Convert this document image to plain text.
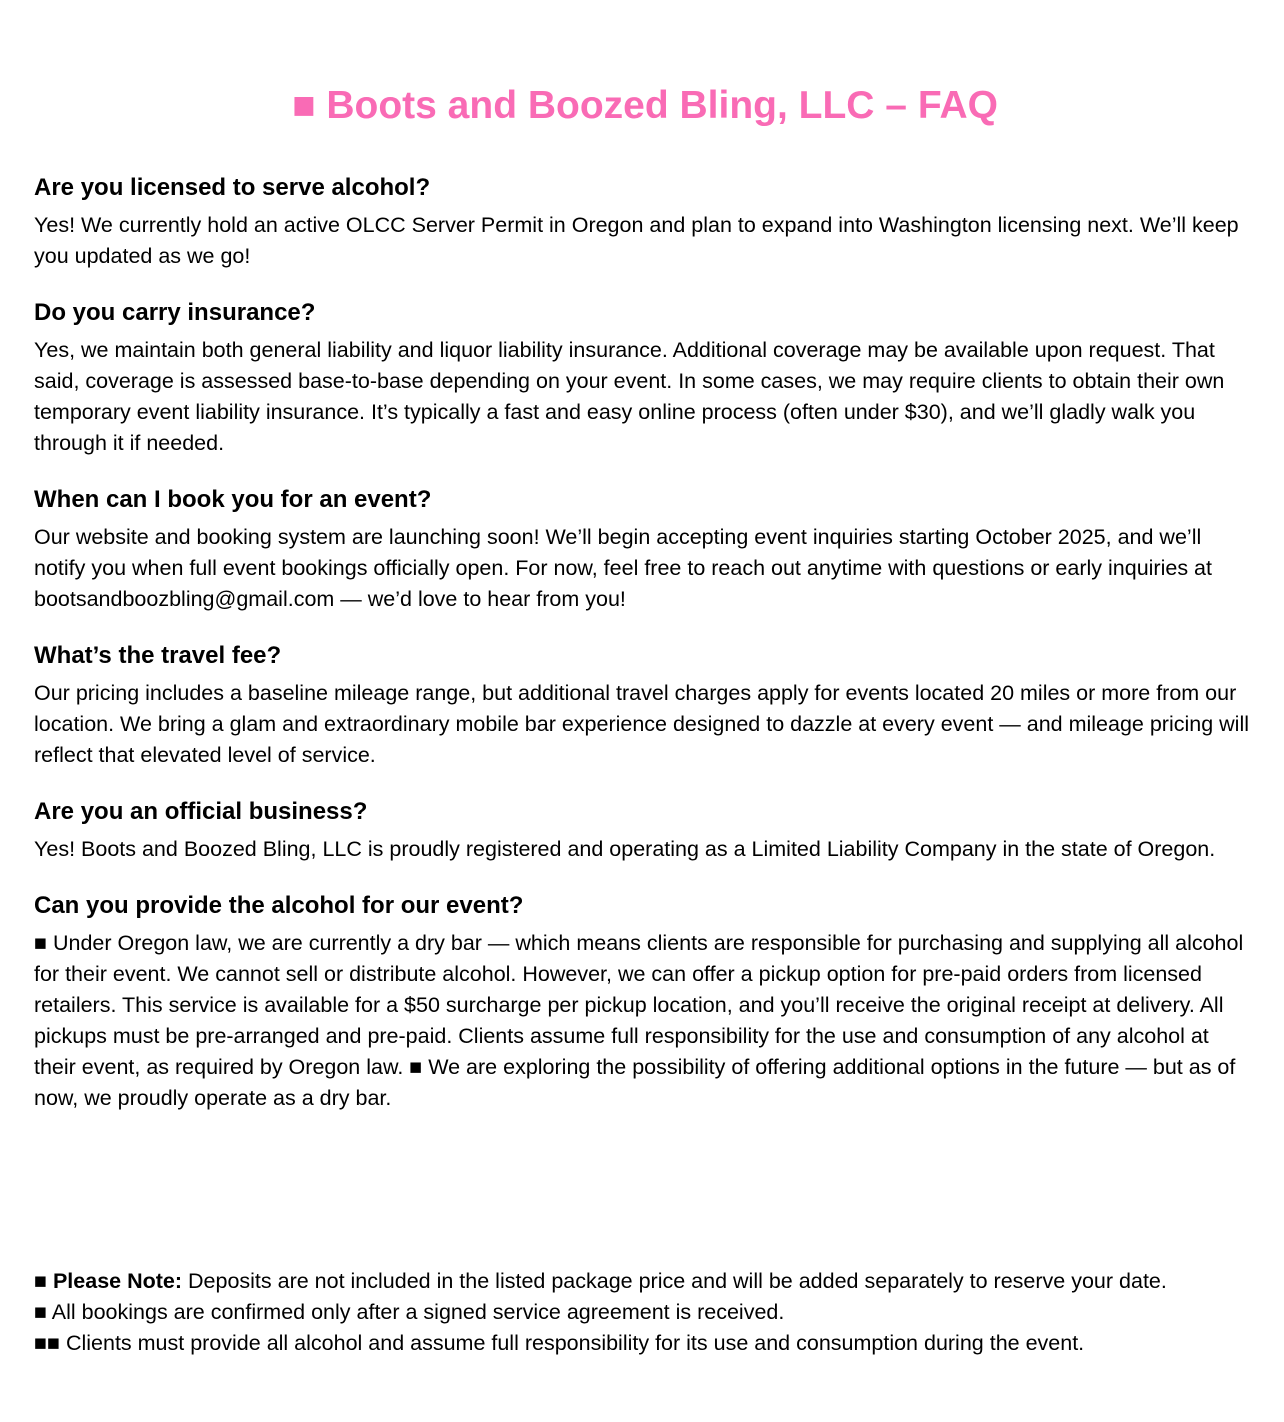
■ Boots and Boozed Bling, LLC – FAQ
Are you licensed to serve alcohol?

Yes! We currently hold an active OLCC Server Permit in Oregon and plan to expand into Washington licensing next. We’ll keep you updated as we go!

Do you carry insurance?

Yes, we maintain both general liability and liquor liability insurance. Additional coverage may be available upon request. That said, coverage is assessed base-to-base depending on your event. In some cases, we may require clients to obtain their own temporary event liability insurance. It’s typically a fast and easy online process (often under $30), and we’ll gladly walk you through it if needed.

When can I book you for an event?

Our website and booking system are launching soon! We’ll begin accepting event inquiries starting October 2025, and we’ll notify you when full event bookings officially open. For now, feel free to reach out anytime with questions or early inquiries at bootsandboozbling@gmail.com — we’d love to hear from you!

What’s the travel fee?

Our pricing includes a baseline mileage range, but additional travel charges apply for events located 20 miles or more from our location. We bring a glam and extraordinary mobile bar experience designed to dazzle at every event — and mileage pricing will reflect that elevated level of service.

Are you an official business?

Yes! Boots and Boozed Bling, LLC is proudly registered and operating as a Limited Liability Company in the state of Oregon.

Can you provide the alcohol for our event?

■ Under Oregon law, we are currently a dry bar — which means clients are responsible for purchasing and supplying all alcohol for their event. We cannot sell or distribute alcohol. However, we can offer a pickup option for pre-paid orders from licensed retailers. This service is available for a $50 surcharge per pickup location, and you’ll receive the original receipt at delivery. All pickups must be pre-arranged and pre-paid. Clients assume full responsibility for the use and consumption of any alcohol at their event, as required by Oregon law. ■ We are exploring the possibility of offering additional options in the future — but as of now, we proudly operate as a dry bar.

■ Please Note: Deposits are not included in the listed package price and will be added separately to reserve your date.

■ All bookings are confirmed only after a signed service agreement is received.

■■ Clients must provide all alcohol and assume full responsibility for its use and consumption during the event.
